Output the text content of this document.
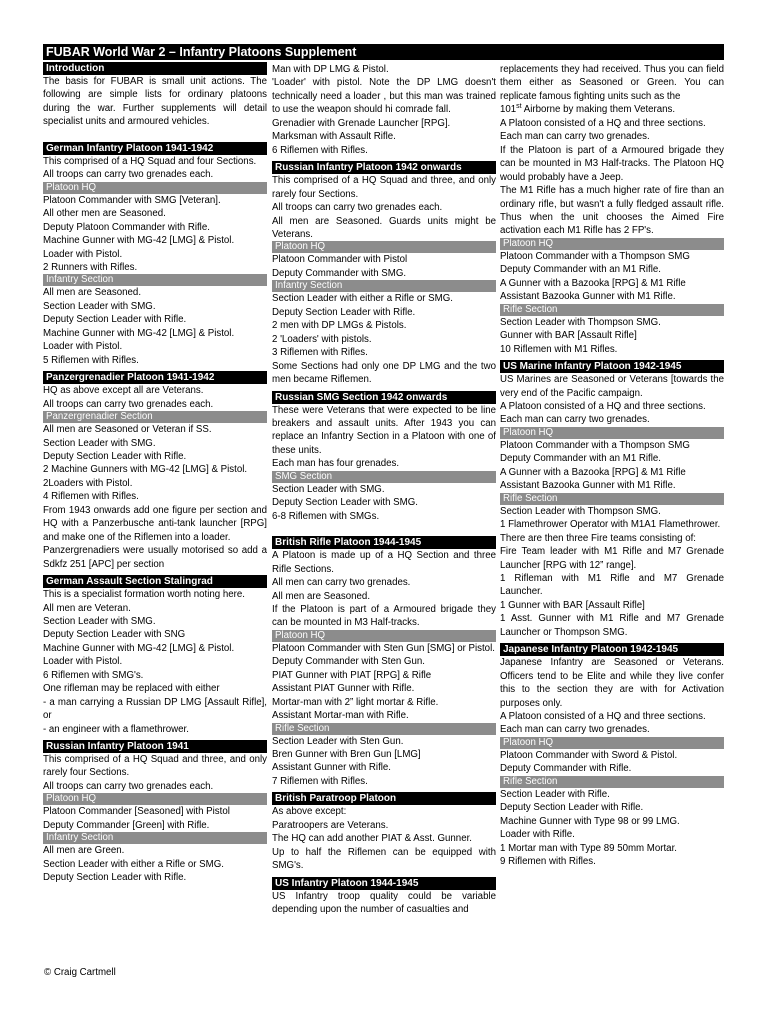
FUBAR World War 2 – Infantry Platoons Supplement
Introduction
The basis for FUBAR is small unit actions. The following are simple lists for ordinary platoons during the war. Further supplements will detail specialist units and armoured vehicles.
German Infantry Platoon 1941-1942
This comprised of a HQ Squad and four Sections.
All troops can carry two grenades each.
Platoon HQ
Platoon Commander with SMG [Veteran].
All other men are Seasoned.
Deputy Platoon Commander with Rifle.
Machine Gunner with MG-42 [LMG] & Pistol.
Loader with Pistol.
2 Runners with Rifles.
Infantry Section
All men are Seasoned.
Section Leader with SMG.
Deputy Section Leader with Rifle.
Machine Gunner with MG-42 [LMG] & Pistol.
Loader with Pistol.
5 Riflemen with Rifles.
Panzergrenadier Platoon 1941-1942
HQ as above except all are Veterans.
All troops can carry two grenades each.
Panzergrenadier Section
All men are Seasoned or Veteran if SS.
Section Leader with SMG.
Deputy Section Leader with Rifle.
2 Machine Gunners with MG-42 [LMG] & Pistol.
2Loaders with Pistol.
4 Riflemen with Rifles.
From 1943 onwards add one figure per section and HQ with a Panzerbusche anti-tank launcher [RPG] and make one of the Riflemen into a loader.
Panzergrenadiers were usually motorised so add a Sdkfz 251 [APC] per section
German Assault Section Stalingrad
This is a specialist formation worth noting here.
All men are Veteran.
Section Leader with SMG.
Deputy Section Leader with SNG
Machine Gunner with MG-42 [LMG] & Pistol.
Loader with Pistol.
6 Riflemen with SMG's.
One rifleman may be replaced with either
- a man carrying a Russian DP LMG [Assault Rifle], or
- an engineer with a flamethrower.
Russian Infantry Platoon 1941
This comprised of a HQ Squad and three, and only rarely four Sections.
All troops can carry two grenades each.
Platoon HQ
Platoon Commander [Seasoned] with Pistol
Deputy Commander [Green] with Rifle.
Infantry Section
All men are Green.
Section Leader with either a Rifle or SMG.
Deputy Section Leader with Rifle.
Man with DP LMG & Pistol.
'Loader' with pistol. Note the DP LMG doesn't technically need a loader , but this man was trained to use the weapon should hi comrade fall.
Grenadier with Grenade Launcher [RPG].
Marksman with Assault Rifle.
6 Riflemen with Rifles.
Russian Infantry Platoon 1942 onwards
This comprised of a HQ Squad and three, and only rarely four Sections.
All troops can carry two grenades each.
All men are Seasoned. Guards units might be Veterans.
Platoon HQ
Platoon Commander with Pistol
Deputy Commander with SMG.
Infantry Section
Section Leader with either a Rifle or SMG.
Deputy Section Leader with Rifle.
2 men with DP LMGs & Pistols.
2 'Loaders' with pistols.
3 Riflemen with Rifles.
Some Sections had only one DP LMG and the two men became Riflemen.
Russian SMG Section 1942 onwards
These were Veterans that were expected to be line breakers and assault units. After 1943 you can replace an Infantry Section in a Platoon with one of these units.
Each man has four grenades.
SMG Section
Section Leader with SMG.
Deputy Section Leader with SMG.
6-8 Riflemen with SMGs.
British Rifle Platoon 1944-1945
A Platoon is made up of a HQ Section and three Rifle Sections.
All men can carry two grenades.
All men are Seasoned.
If the Platoon is part of a Armoured brigade they can be mounted in M3 Half-tracks.
Platoon HQ
Platoon Commander with Sten Gun [SMG] or Pistol.
Deputy Commander with Sten Gun.
PIAT Gunner with PIAT [RPG] & Rifle
Assistant PIAT Gunner with Rifle.
Mortar-man with 2” light mortar & Rifle.
Assistant Mortar-man with Rifle.
Rifle Section
Section Leader with Sten Gun.
Bren Gunner with Bren Gun [LMG]
Assistant Gunner with Rifle.
7 Riflemen with Rifles.
British Paratroop Platoon
As above except:
Paratroopers are Veterans.
The HQ can add another PIAT & Asst. Gunner.
Up to half the Riflemen can be equipped with SMG's.
US Infantry Platoon 1944-1945
US Infantry troop quality could be variable depending upon the number of casualties and
replacements they had received. Thus you can field them either as Seasoned or Green. You can replicate famous fighting units such as the
101st Airborne by making them Veterans.
A Platoon consisted of a HQ and three sections.
Each man can carry two grenades.
If the Platoon is part of a Armoured brigade they can be mounted in M3 Half-tracks. The Platoon HQ would probably have a Jeep.
The M1 Rifle has a much higher rate of fire than an ordinary rifle, but wasn't a fully fledged assault rifle. Thus when the unit chooses the Aimed Fire activation each M1 Rifle has 2 FP's.
Platoon HQ
Platoon Commander with a Thompson SMG
Deputy Commander with an M1 Rifle.
A Gunner with a Bazooka [RPG] & M1 Rifle
Assistant Bazooka Gunner with M1 Rifle.
Rifle Section
Section Leader with Thompson SMG.
Gunner with BAR [Assault Rifle]
10 Riflemen with M1 Rifles.
US Marine Infantry Platoon 1942-1945
US Marines are Seasoned or Veterans [towards the very end of the Pacific campaign.
A Platoon consisted of a HQ and three sections.
Each man can carry two grenades.
Platoon HQ
Platoon Commander with a Thompson SMG
Deputy Commander with an M1 Rifle.
A Gunner with a Bazooka [RPG] & M1 Rifle
Assistant Bazooka Gunner with M1 Rifle.
Rifle Section
Section Leader with Thompson SMG.
1 Flamethrower Operator with M1A1 Flamethrower.
There are then three Fire teams consisting of:
Fire Team leader with M1 Rifle and M7 Grenade Launcher [RPG with 12” range].
1 Rifleman with M1 Rifle and M7 Grenade Launcher.
1 Gunner with BAR [Assault Rifle]
1 Asst. Gunner with M1 Rifle and M7 Grenade Launcher or Thompson SMG.
Japanese Infantry Platoon 1942-1945
Japanese Infantry are Seasoned or Veterans. Officers tend to be Elite and while they live confer this to the section they are with for Activation purposes only.
A Platoon consisted of a HQ and three sections.
Each man can carry two grenades.
Platoon HQ
Platoon Commander with Sword & Pistol.
Deputy Commander with Rifle.
Rifle Section
Section Leader with Rifle.
Deputy Section Leader with Rifle.
Machine Gunner with Type 98 or 99 LMG.
Loader with Rifle.
1 Mortar man with Type 89 50mm Mortar.
9 Riflemen with Rifles.
© Craig Cartmell
